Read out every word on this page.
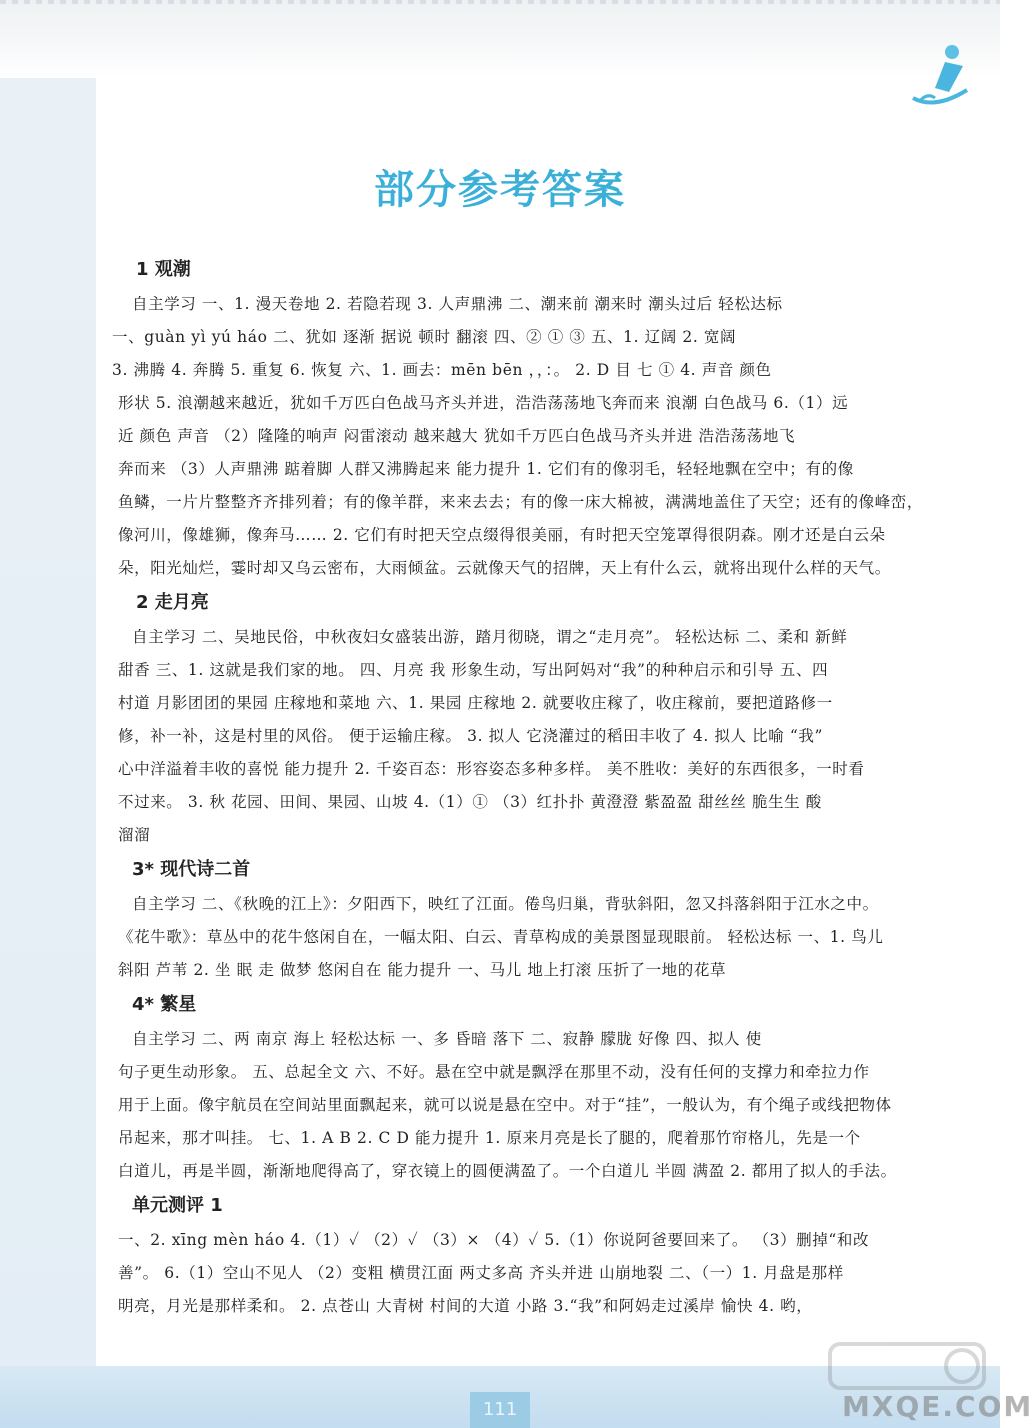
部分参考答案
1 观潮
自主学习 一、1. 漫天卷地 2. 若隐若现 3. 人声鼎沸 二、潮来前 潮来时 潮头过后 轻松达标
一、guàn yì yú háo 二、犹如 逐渐 据说 顿时 翻滚 四、② ① ③ 五、1. 辽阔 2. 宽阔
3. 沸腾 4. 奔腾 5. 重复 6. 恢复 六、1. 画去：mēn bēn ，，：。 2. D 目 七 ① 4. 声音 颜色
形状 5. 浪潮越来越近，犹如千万匹白色战马齐头并进，浩浩荡荡地飞奔而来 浪潮 白色战马 6.（1）远
近 颜色 声音 （2）隆隆的响声 闷雷滚动 越来越大 犹如千万匹白色战马齐头并进 浩浩荡荡地飞
奔而来 （3）人声鼎沸 踮着脚 人群又沸腾起来 能力提升 1. 它们有的像羽毛，轻轻地飘在空中；有的像
鱼鳞，一片片整整齐齐排列着；有的像羊群，来来去去；有的像一床大棉被，满满地盖住了天空；还有的像峰峦，
像河川，像雄狮，像奔马…… 2. 它们有时把天空点缀得很美丽，有时把天空笼罩得很阴森。刚才还是白云朵
朵，阳光灿烂，霎时却又乌云密布，大雨倾盆。云就像天气的招牌，天上有什么云，就将出现什么样的天气。
2 走月亮
自主学习 二、吴地民俗，中秋夜妇女盛装出游，踏月彻晓，谓之“走月亮”。 轻松达标 二、柔和 新鲜
甜香 三、1. 这就是我们家的地。 四、月亮 我 形象生动，写出阿妈对“我”的种种启示和引导 五、四
村道 月影团团的果园 庄稼地和菜地 六、1. 果园 庄稼地 2. 就要收庄稼了，收庄稼前，要把道路修一
修，补一补，这是村里的风俗。 便于运输庄稼。 3. 拟人 它浇灌过的稻田丰收了 4. 拟人 比喻 “我”
心中洋溢着丰收的喜悦 能力提升 2. 千姿百态：形容姿态多种多样。 美不胜收：美好的东西很多，一时看
不过来。 3. 秋 花园、田间、果园、山坡 4.（1）① （3）红扑扑 黄澄澄 紫盈盈 甜丝丝 脆生生 酸
溜溜
3* 现代诗二首
自主学习 二、《秋晚的江上》：夕阳西下，映红了江面。倦鸟归巢，背驮斜阳，忽又抖落斜阳于江水之中。
《花牛歌》：草丛中的花牛悠闲自在，一幅太阳、白云、青草构成的美景图显现眼前。 轻松达标 一、1. 鸟儿
斜阳 芦苇 2. 坐 眠 走 做梦 悠闲自在 能力提升 一、马儿 地上打滚 压折了一地的花草
4* 繁星
自主学习 二、两 南京 海上 轻松达标 一、多 昏暗 落下 二、寂静 朦胧 好像 四、拟人 使
句子更生动形象。 五、总起全文 六、不好。悬在空中就是飘浮在那里不动，没有任何的支撑力和牵拉力作
用于上面。像宇航员在空间站里面飘起来，就可以说是悬在空中。对于“挂”，一般认为，有个绳子或线把物体
吊起来，那才叫挂。 七、1. A B 2. C D 能力提升 1. 原来月亮是长了腿的，爬着那竹帘格儿，先是一个
白道儿，再是半圆，渐渐地爬得高了，穿衣镜上的圆便满盈了。一个白道儿 半圆 满盈 2. 都用了拟人的手法。
单元测评 1
一、2. xīng mèn háo 4.（1）✓ （2）✓ （3）× （4）✓ 5.（1）你说阿爸要回来了。 （3）删掉“和改
善”。 6.（1）空山不见人 （2）变粗 横贯江面 两丈多高 齐头并进 山崩地裂 二、（一）1. 月盘是那样
明亮，月光是那样柔和。 2. 点苍山 大青树 村间的大道 小路 3.“我”和阿妈走过溪岸 愉快 4. 哟，
111	MXQE.COM
